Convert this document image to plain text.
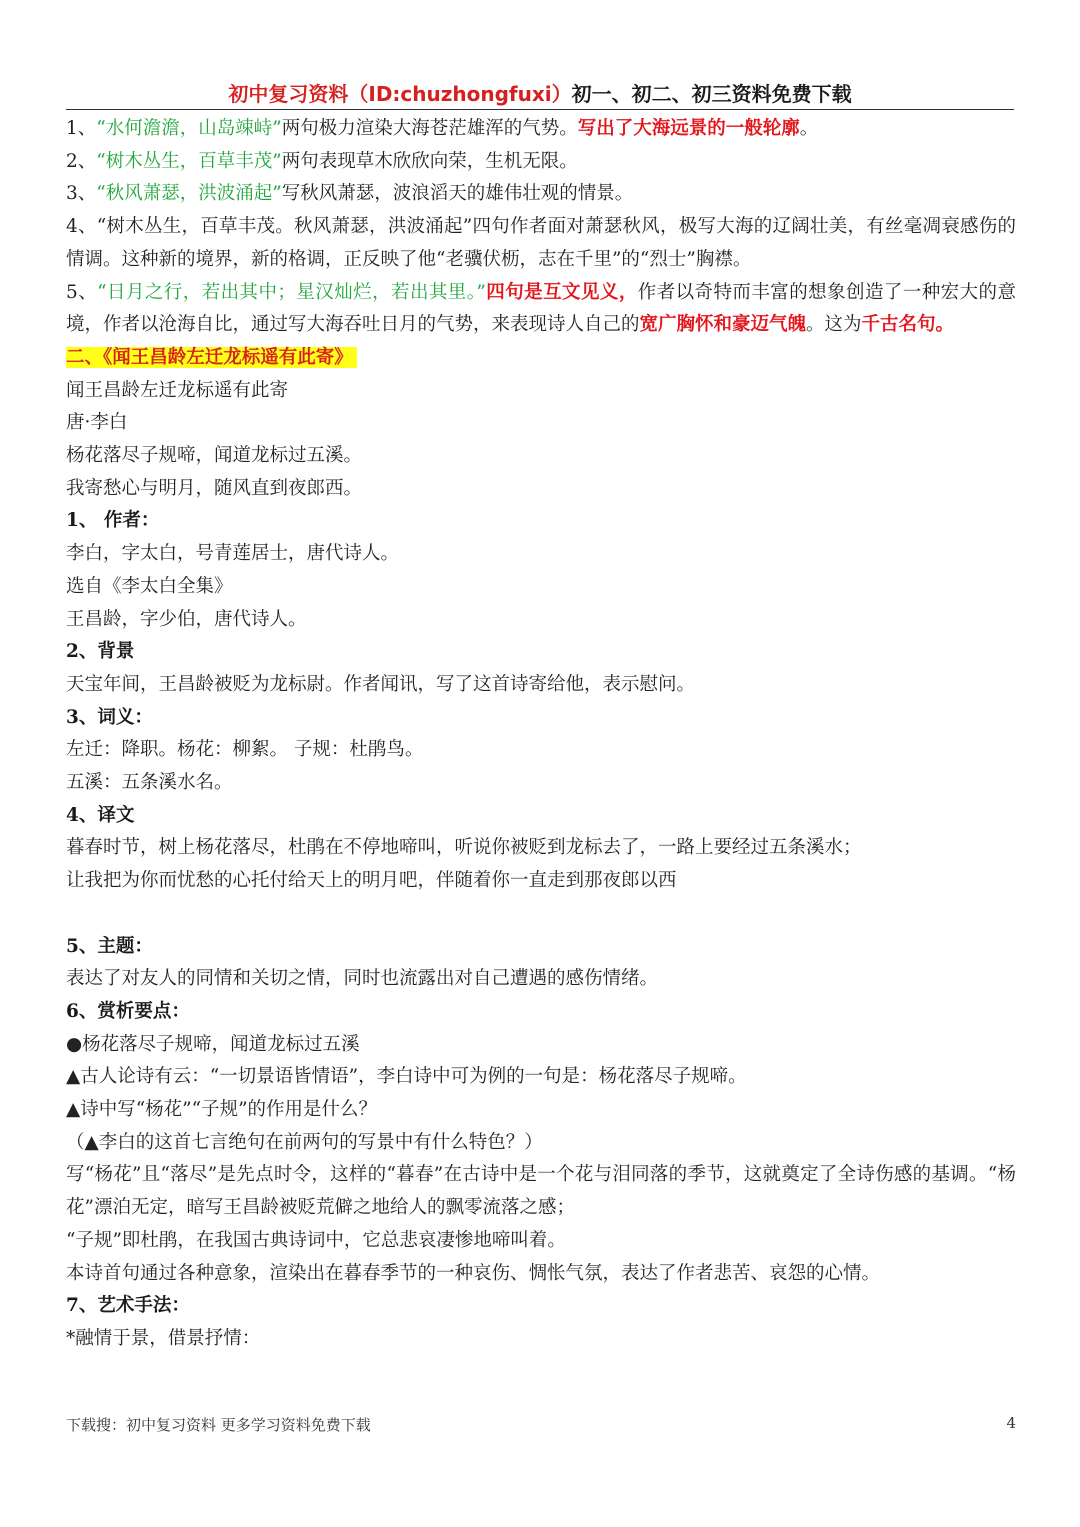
初中复习资料（ID:chuzhongfuxi）初一、初二、初三资料免费下载

1、“水何澹澹，山岛竦峙”两句极力渲染大海苍茫雄浑的气势。写出了大海远景的一般轮廓。

2、“树木丛生，百草丰茂”两句表现草木欣欣向荣，生机无限。

3、“秋风萧瑟，洪波涌起”写秋风萧瑟，波浪滔天的雄伟壮观的情景。

4、“树木丛生，百草丰茂。秋风萧瑟，洪波涌起”四句作者面对萧瑟秋风，极写大海的辽阔壮美，有丝毫凋衰感伤的情调。这种新的境界，新的格调，正反映了他“老骥伏枥，志在千里”的“烈士”胸襟。

5、“日月之行，若出其中；星汉灿烂，若出其里。”四句是互文见义，作者以奇特而丰富的想象创造了一种宏大的意境，作者以沧海自比，通过写大海吞吐日月的气势，来表现诗人自己的宽广胸怀和豪迈气魄。这为千古名句。

二、《闻王昌龄左迁龙标遥有此寄》

闻王昌龄左迁龙标遥有此寄

唐·李白

杨花落尽子规啼，闻道龙标过五溪。

我寄愁心与明月，随风直到夜郎西。

1、 作者：

李白，字太白，号青莲居士，唐代诗人。

选自《李太白全集》

王昌龄，字少伯，唐代诗人。

2、背景

天宝年间，王昌龄被贬为龙标尉。作者闻讯，写了这首诗寄给他，表示慰问。

3、词义：

左迁：降职。杨花：柳絮。 子规：杜鹃鸟。

五溪：五条溪水名。

4、译文

暮春时节，树上杨花落尽，杜鹃在不停地啼叫，听说你被贬到龙标去了，一路上要经过五条溪水；

让我把为你而忧愁的心托付给天上的明月吧，伴随着你一直走到那夜郎以西

5、主题：

表达了对友人的同情和关切之情，同时也流露出对自己遭遇的感伤情绪。

6、赏析要点：

●杨花落尽子规啼，闻道龙标过五溪

▲古人论诗有云：“一切景语皆情语”，李白诗中可为例的一句是：杨花落尽子规啼。

▲诗中写“杨花”“子规”的作用是什么？

（▲李白的这首七言绝句在前两句的写景中有什么特色？）

写“杨花”且“落尽”是先点时令，这样的“暮春”在古诗中是一个花与泪同落的季节，这就奠定了全诗伤感的基调。“杨花”漂泊无定，暗写王昌龄被贬荒僻之地给人的飘零流落之感；

“子规”即杜鹃，在我国古典诗词中，它总悲哀凄惨地啼叫着。

本诗首句通过各种意象，渲染出在暮春季节的一种哀伤、惆怅气氛，表达了作者悲苦、哀怨的心情。

7、艺术手法：

*融情于景，借景抒情：

下载搜：初中复习资料 更多学习资料免费下载	4
